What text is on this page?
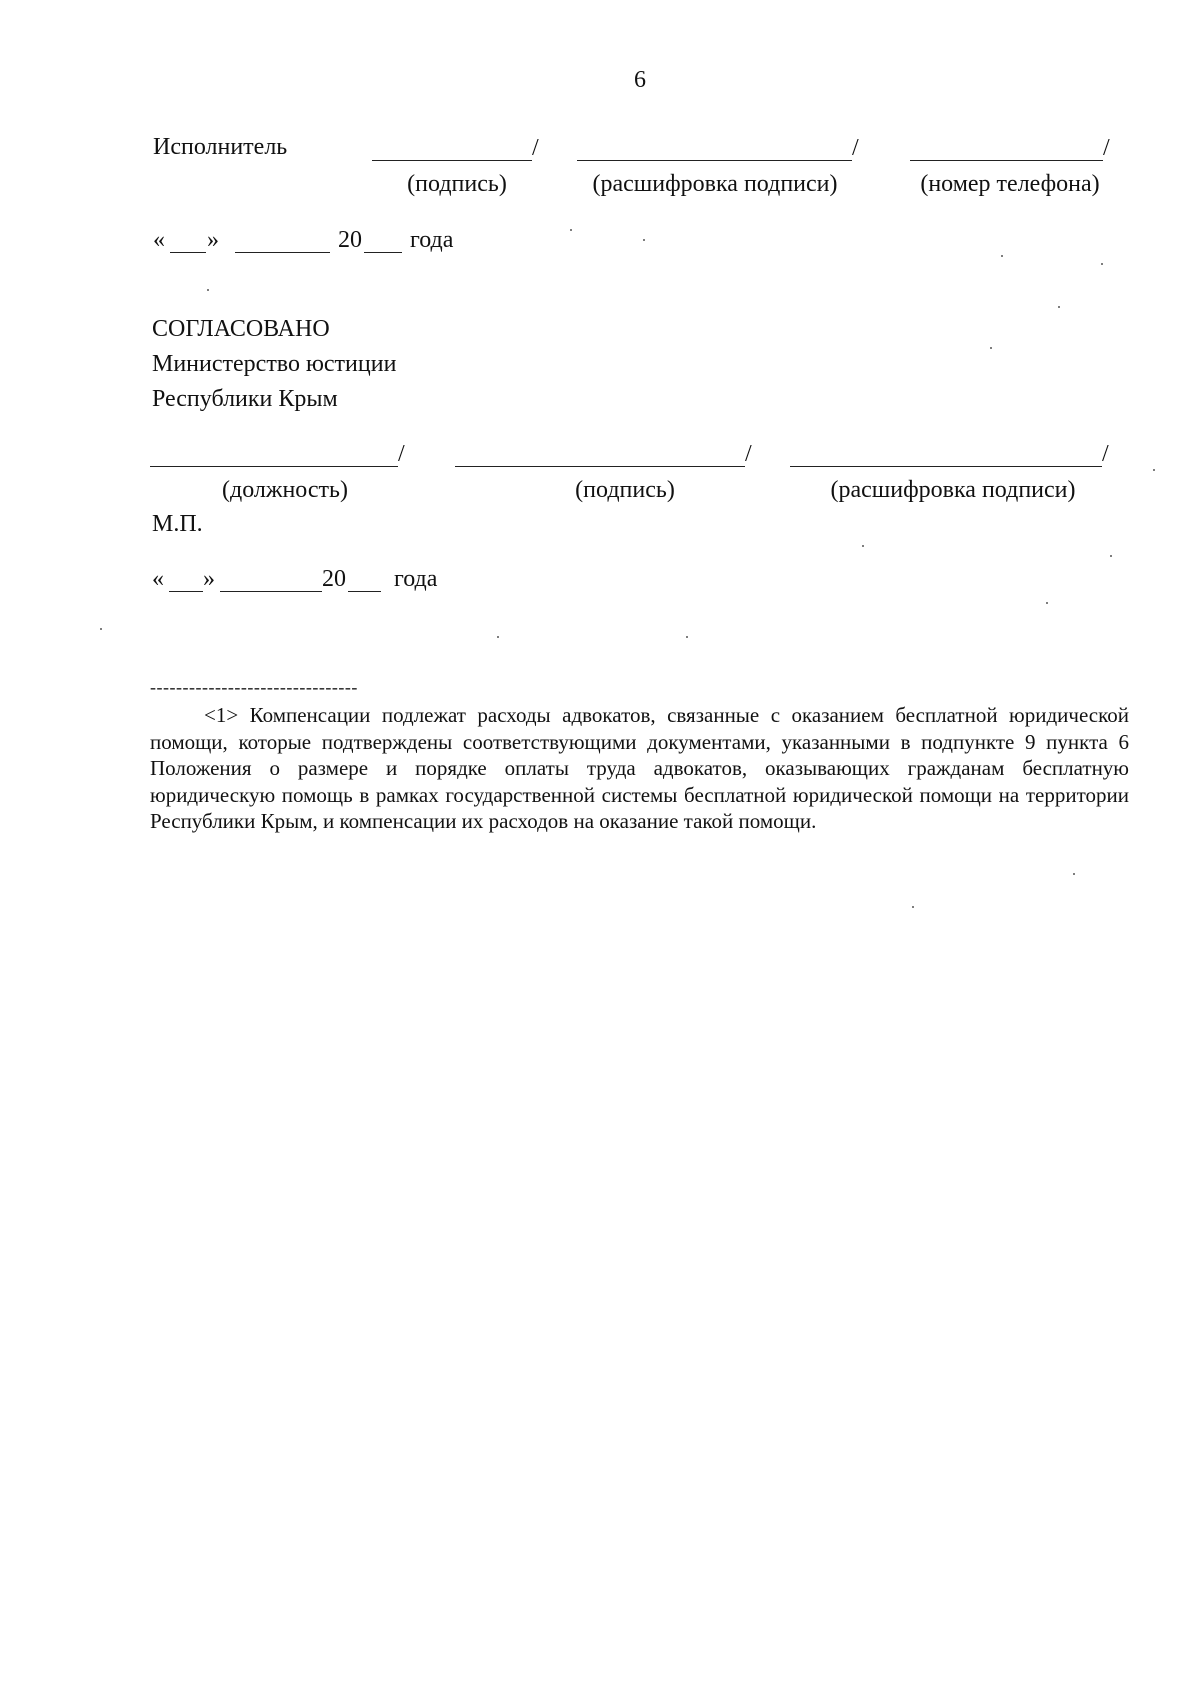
6
Исполнитель	/	/	/
(подпись)	(расшифровка подписи)	(номер телефона)
« »	20 года
СОГЛАСОВАНО
Министерство юстиции
Республики Крым
/	/	/
(должность)	(подпись)	(расшифровка подписи)
М.П.
« »	20 года
--------------------------------
<1> Компенсации подлежат расходы адвокатов, связанные с оказанием бесплатной юридической помощи, которые подтверждены соответствующими документами, указанными в подпункте 9 пункта 6 Положения о размере и порядке оплаты труда адвокатов, оказывающих гражданам бесплатную юридическую помощь в рамках государственной системы бесплатной юридической помощи на территории Республики Крым, и компенсации их расходов на оказание такой помощи.
